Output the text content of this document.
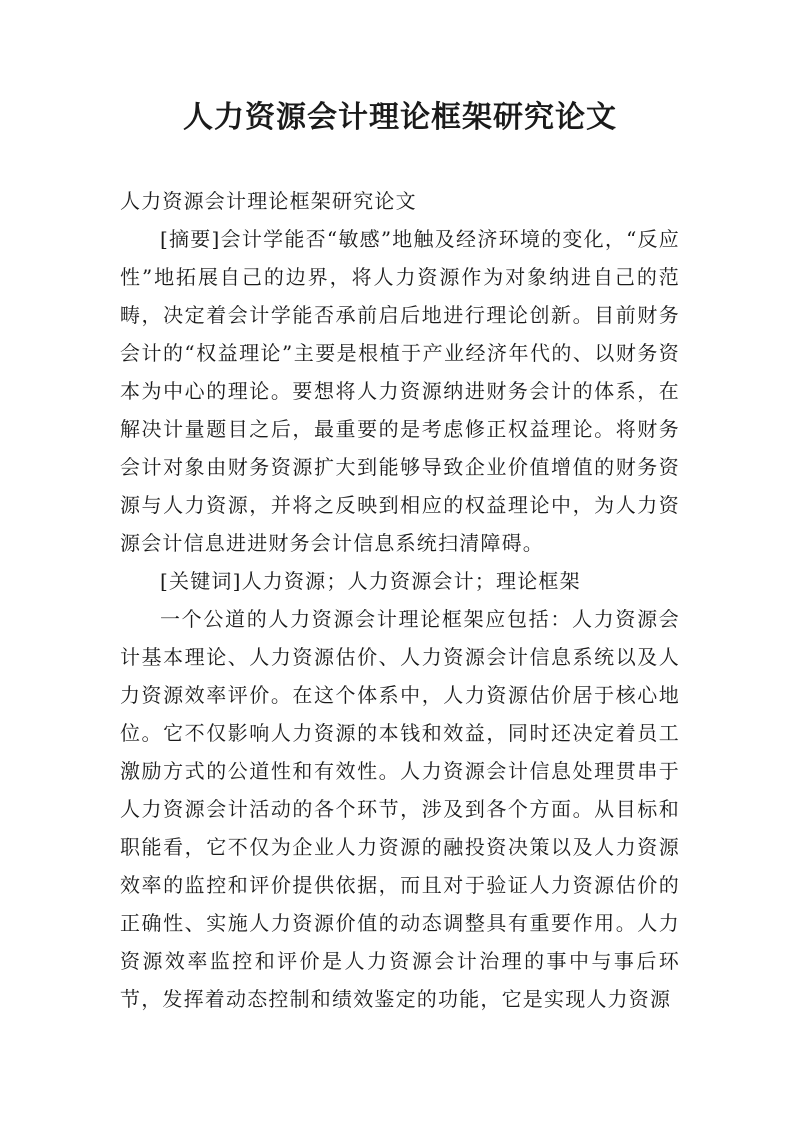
人力资源会计理论框架研究论文

人力资源会计理论框架研究论文

[摘要]会计学能否“敏感”地触及经济环境的变化，“反应性”地拓展自己的边界，将人力资源作为对象纳进自己的范畴，决定着会计学能否承前启后地进行理论创新。目前财务会计的“权益理论”主要是根植于产业经济年代的、以财务资本为中心的理论。要想将人力资源纳进财务会计的体系，在解决计量题目之后，最重要的是考虑修正权益理论。将财务会计对象由财务资源扩大到能够导致企业价值增值的财务资源与人力资源，并将之反映到相应的权益理论中，为人力资源会计信息进进财务会计信息系统扫清障碍。

[关键词]人力资源；人力资源会计；理论框架

一个公道的人力资源会计理论框架应包括：人力资源会计基本理论、人力资源估价、人力资源会计信息系统以及人力资源效率评价。在这个体系中，人力资源估价居于核心地位。它不仅影响人力资源的本钱和效益，同时还决定着员工激励方式的公道性和有效性。人力资源会计信息处理贯串于人力资源会计活动的各个环节，涉及到各个方面。从目标和职能看，它不仅为企业人力资源的融投资决策以及人力资源效率的监控和评价提供依据，而且对于验证人力资源估价的正确性、实施人力资源价值的动态调整具有重要作用。人力资源效率监控和评价是人力资源会计治理的事中与事后环节，发挥着动态控制和绩效鉴定的功能，它是实现人力资源
